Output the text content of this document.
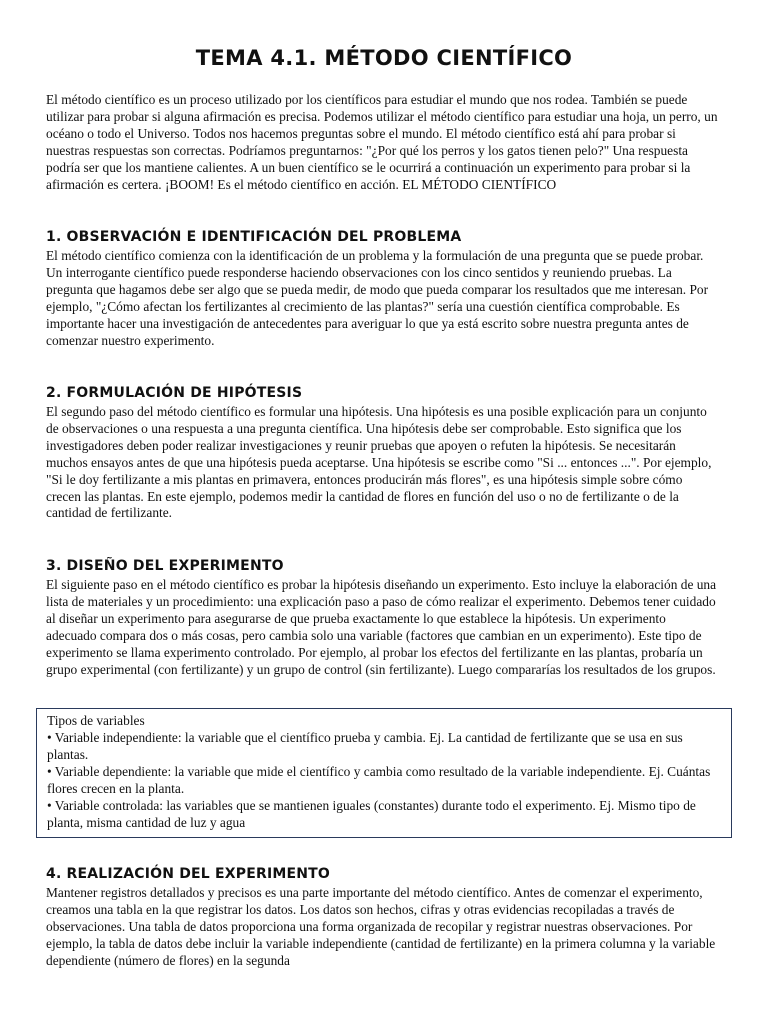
TEMA 4.1. MÉTODO CIENTÍFICO

El método científico es un proceso utilizado por los científicos para estudiar el mundo que nos rodea. También se puede utilizar para probar si alguna afirmación es precisa. Podemos utilizar el método científico para estudiar una hoja, un perro, un océano o todo el Universo. Todos nos hacemos preguntas sobre el mundo. El método científico está ahí para probar si nuestras respuestas son correctas. Podríamos preguntarnos: "¿Por qué los perros y los gatos tienen pelo?" Una respuesta podría ser que los mantiene calientes. A un buen científico se le ocurrirá a continuación un experimento para probar si la afirmación es certera. ¡BOOM! Es el método científico en acción. EL MÉTODO CIENTÍFICO

1. OBSERVACIÓN E IDENTIFICACIÓN DEL PROBLEMA

El método científico comienza con la identificación de un problema y la formulación de una pregunta que se puede probar. Un interrogante científico puede responderse haciendo observaciones con los cinco sentidos y reuniendo pruebas. La pregunta que hagamos debe ser algo que se pueda medir, de modo que pueda comparar los resultados que me interesan. Por ejemplo, "¿Cómo afectan los fertilizantes al crecimiento de las plantas?" sería una cuestión científica comprobable. Es importante hacer una investigación de antecedentes para averiguar lo que ya está escrito sobre nuestra pregunta antes de comenzar nuestro experimento.

2. FORMULACIÓN DE HIPÓTESIS

El segundo paso del método científico es formular una hipótesis. Una hipótesis es una posible explicación para un conjunto de observaciones o una respuesta a una pregunta científica. Una hipótesis debe ser comprobable. Esto significa que los investigadores deben poder realizar investigaciones y reunir pruebas que apoyen o refuten la hipótesis. Se necesitarán muchos ensayos antes de que una hipótesis pueda aceptarse. Una hipótesis se escribe como "Si ... entonces ...". Por ejemplo, "Si le doy fertilizante a mis plantas en primavera, entonces producirán más flores", es una hipótesis simple sobre cómo crecen las plantas. En este ejemplo, podemos medir la cantidad de flores en función del uso o no de fertilizante o de la cantidad de fertilizante.

3. DISEÑO DEL EXPERIMENTO

El siguiente paso en el método científico es probar la hipótesis diseñando un experimento. Esto incluye la elaboración de una lista de materiales y un procedimiento: una explicación paso a paso de cómo realizar el experimento. Debemos tener cuidado al diseñar un experimento para asegurarse de que prueba exactamente lo que establece la hipótesis. Un experimento adecuado compara dos o más cosas, pero cambia solo una variable (factores que cambian en un experimento). Este tipo de experimento se llama experimento controlado. Por ejemplo, al probar los efectos del fertilizante en las plantas, probaría un grupo experimental (con fertilizante) y un grupo de control (sin fertilizante). Luego compararías los resultados de los grupos.

Tipos de variables
• Variable independiente: la variable que el científico prueba y cambia. Ej. La cantidad de fertilizante que se usa en sus plantas.
• Variable dependiente: la variable que mide el científico y cambia como resultado de la variable independiente. Ej. Cuántas flores crecen en la planta.
• Variable controlada: las variables que se mantienen iguales (constantes) durante todo el experimento. Ej. Mismo tipo de planta, misma cantidad de luz y agua
4. REALIZACIÓN DEL EXPERIMENTO

Mantener registros detallados y precisos es una parte importante del método científico. Antes de comenzar el experimento, creamos una tabla en la que registrar los datos. Los datos son hechos, cifras y otras evidencias recopiladas a través de observaciones. Una tabla de datos proporciona una forma organizada de recopilar y registrar nuestras observaciones. Por ejemplo, la tabla de datos debe incluir la variable independiente (cantidad de fertilizante) en la primera columna y la variable dependiente (número de flores) en la segunda
